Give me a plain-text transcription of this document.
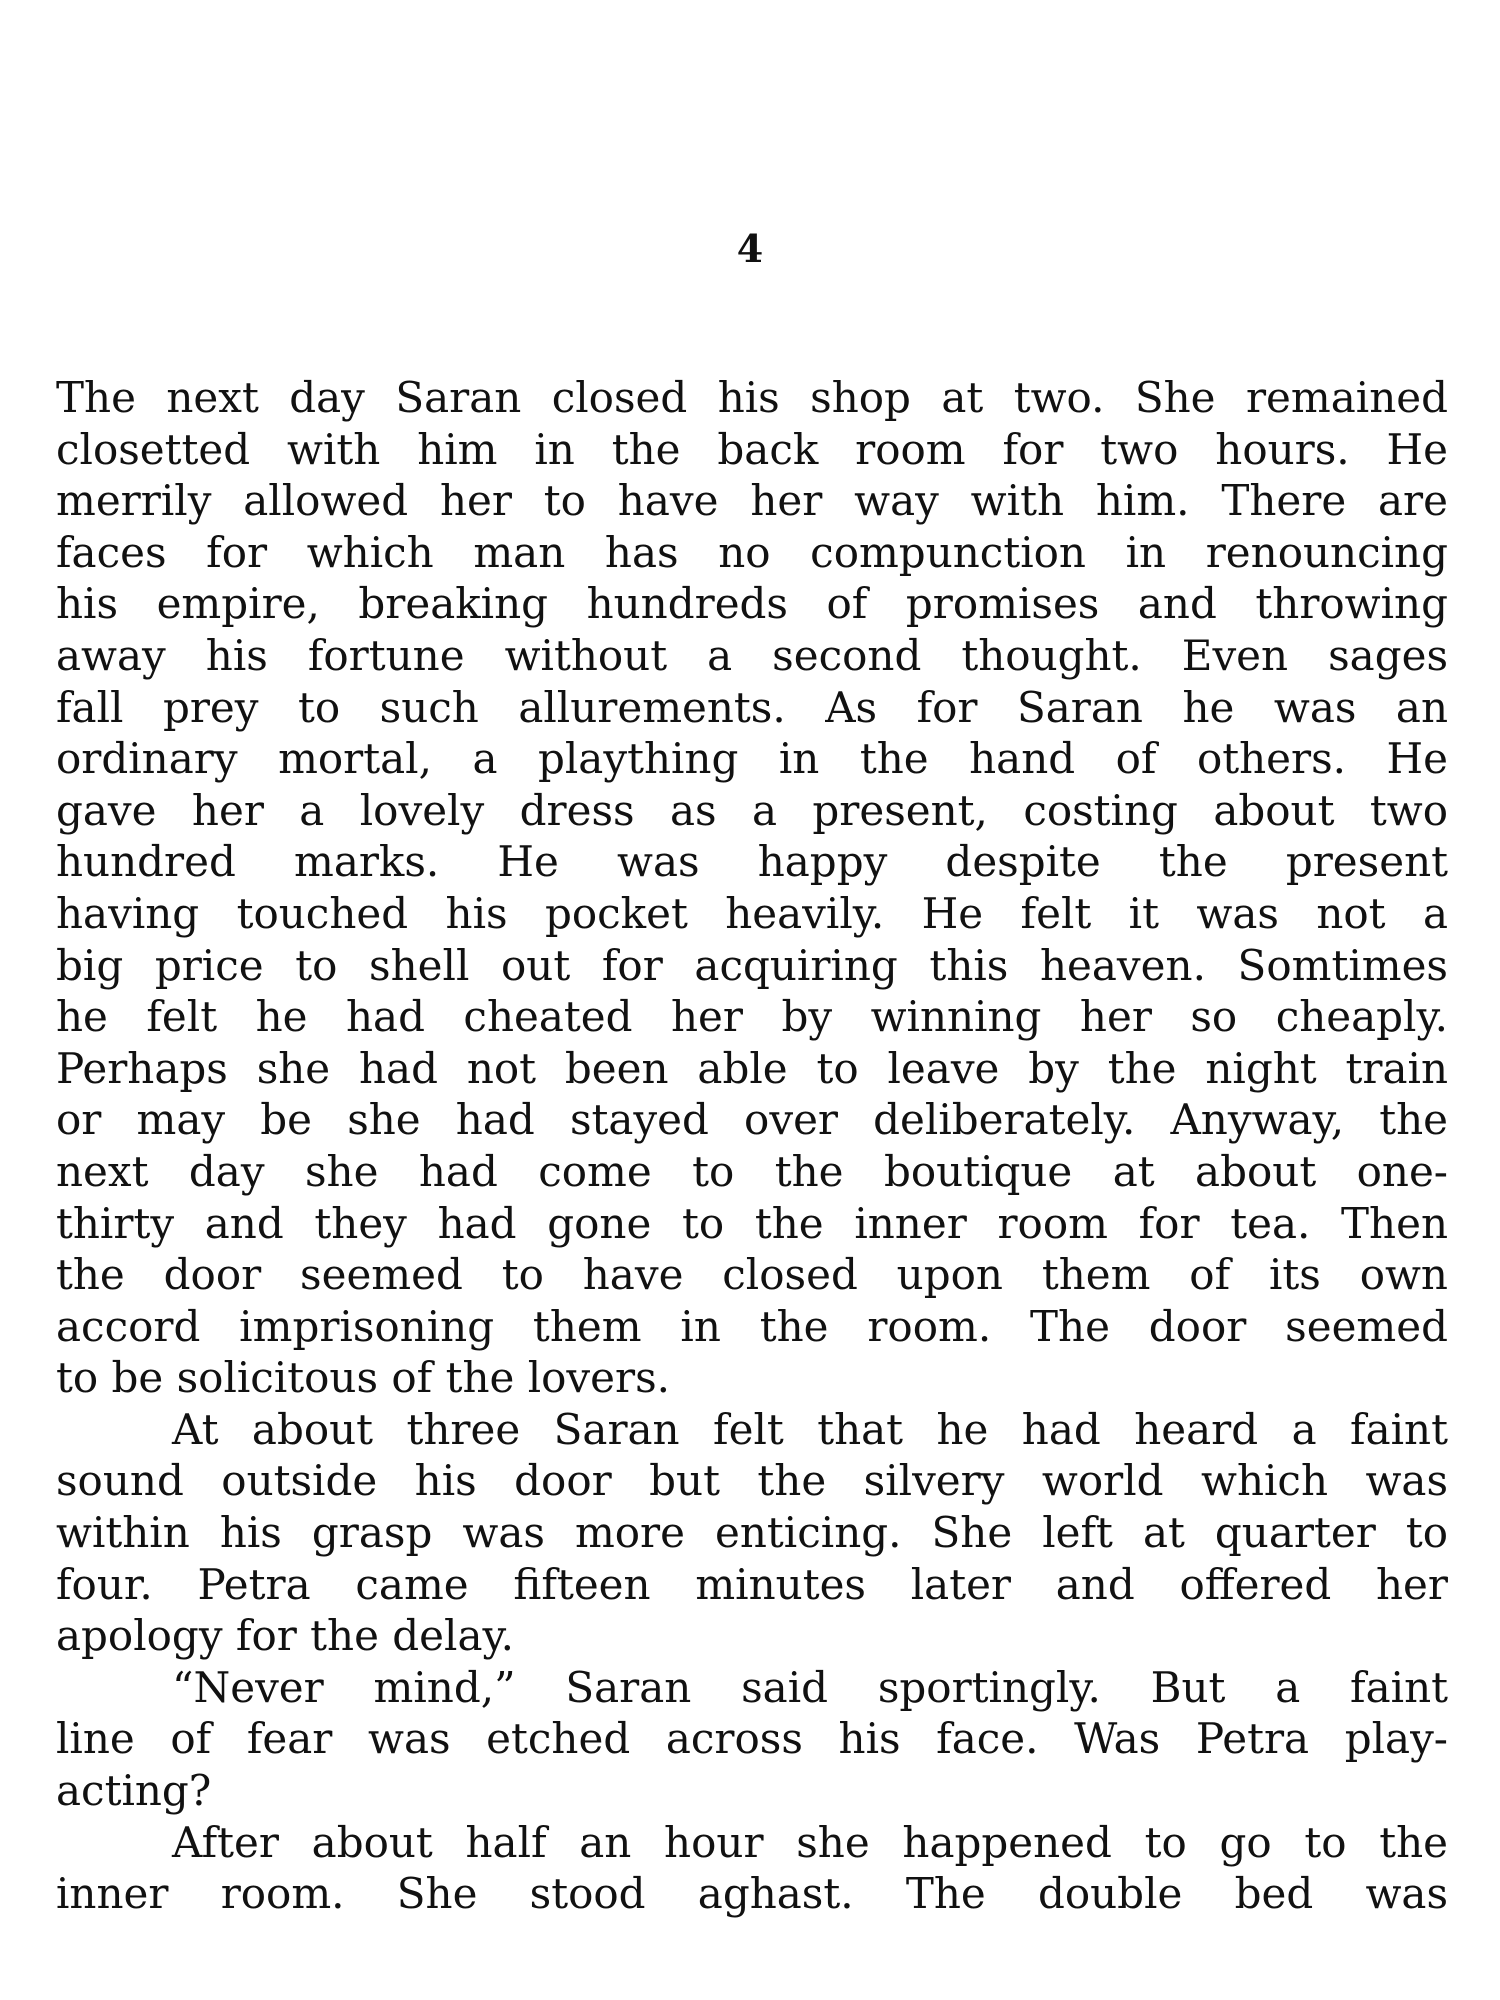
4
The next day Saran closed his shop at two. She remained
closetted with him in the back room for two hours. He
merrily allowed her to have her way with him. There are
faces for which man has no compunction in renouncing
his empire, breaking hundreds of promises and throwing
away his fortune without a second thought. Even sages
fall prey to such allurements. As for Saran he was an
ordinary mortal, a plaything in the hand of others. He
gave her a lovely dress as a present, costing about two
hundred marks. He was happy despite the present
having touched his pocket heavily. He felt it was not a
big price to shell out for acquiring this heaven. Somtimes
he felt he had cheated her by winning her so cheaply.
Perhaps she had not been able to leave by the night train
or may be she had stayed over deliberately. Anyway, the
next day she had come to the boutique at about one-
thirty and they had gone to the inner room for tea. Then
the door seemed to have closed upon them of its own
accord imprisoning them in the room. The door seemed
to be solicitous of the lovers.
At about three Saran felt that he had heard a faint
sound outside his door but the silvery world which was
within his grasp was more enticing. She left at quarter to
four. Petra came fifteen minutes later and offered her
apology for the delay.
“Never mind,” Saran said sportingly. But a faint
line of fear was etched across his face. Was Petra play-
acting?
After about half an hour she happened to go to the
inner room. She stood aghast. The double bed was
